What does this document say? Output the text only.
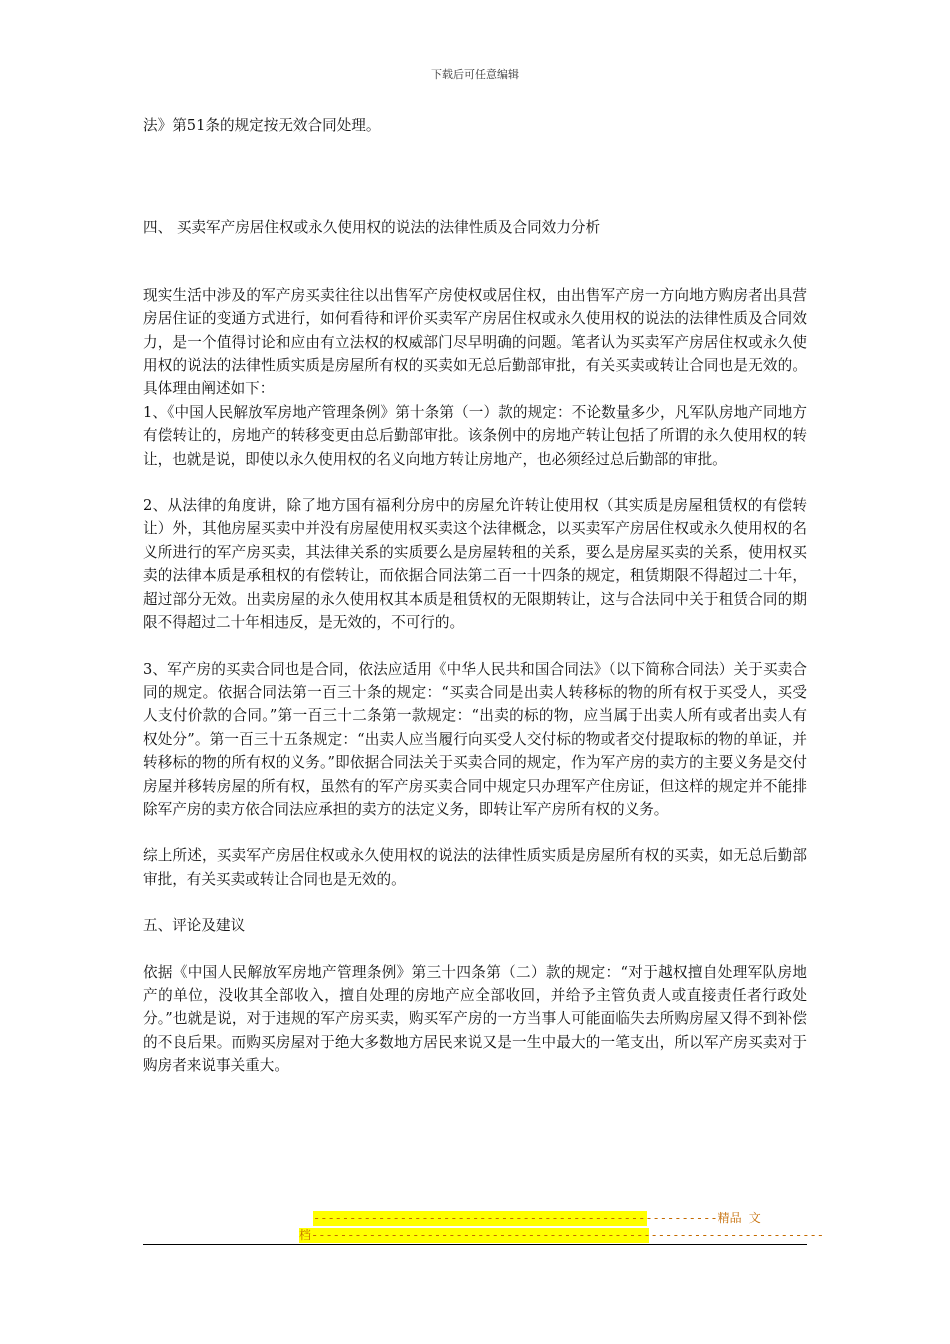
下载后可任意编辑

法》第51条的规定按无效合同处理。

四、 买卖军产房居住权或永久使用权的说法的法律性质及合同效力分析

现实生活中涉及的军产房买卖往往以出售军产房使权或居住权，由出售军产房一方向地方购房者出具营房居住证的变通方式进行，如何看待和评价买卖军产房居住权或永久使用权的说法的法律性质及合同效力，是一个值得讨论和应由有立法权的权威部门尽早明确的问题。笔者认为买卖军产房居住权或永久使用权的说法的法律性质实质是房屋所有权的买卖如无总后勤部审批，有关买卖或转让合同也是无效的。具体理由阐述如下：

1、《中国人民解放军房地产管理条例》第十条第（一）款的规定：不论数量多少，凡军队房地产同地方有偿转让的，房地产的转移变更由总后勤部审批。该条例中的房地产转让包括了所谓的永久使用权的转让，也就是说，即使以永久使用权的名义向地方转让房地产，也必须经过总后勤部的审批。

2、从法律的角度讲，除了地方国有福利分房中的房屋允许转让使用权（其实质是房屋租赁权的有偿转让）外，其他房屋买卖中并没有房屋使用权买卖这个法律概念，以买卖军产房居住权或永久使用权的名义所进行的军产房买卖，其法律关系的实质要么是房屋转租的关系，要么是房屋买卖的关系，使用权买卖的法律本质是承租权的有偿转让，而依据合同法第二百一十四条的规定，租赁期限不得超过二十年，超过部分无效。出卖房屋的永久使用权其本质是租赁权的无限期转让，这与合法同中关于租赁合同的期限不得超过二十年相违反，是无效的，不可行的。

3、军产房的买卖合同也是合同，依法应适用《中华人民共和国合同法》（以下简称合同法）关于买卖合同的规定。依据合同法第一百三十条的规定：“买卖合同是出卖人转移标的物的所有权于买受人，买受人支付价款的合同。”第一百三十二条第一款规定：“出卖的标的物，应当属于出卖人所有或者出卖人有权处分”。第一百三十五条规定：“出卖人应当履行向买受人交付标的物或者交付提取标的物的单证，并转移标的物的所有权的义务。”即依据合同法关于买卖合同的规定，作为军产房的卖方的主要义务是交付房屋并移转房屋的所有权，虽然有的军产房买卖合同中规定只办理军产住房证，但这样的规定并不能排除军产房的卖方依合同法应承担的卖方的法定义务，即转让军产房所有权的义务。

综上所述，买卖军产房居住权或永久使用权的说法的法律性质实质是房屋所有权的买卖，如无总后勤部审批，有关买卖或转让合同也是无效的。

五、评论及建议

依据《中国人民解放军房地产管理条例》第三十四条第（二）款的规定：“对于越权擅自处理军队房地产的单位，没收其全部收入，擅自处理的房地产应全部收回，并给予主管负责人或直接责任者行政处分。”也就是说，对于违规的军产房买卖，购买军产房的一方当事人可能面临失去所购房屋又得不到补偿的不良后果。而购买房屋对于绝大多数地方居民来说又是一生中最大的一笔支出，所以军产房买卖对于购房者来说事关重大。

--------------------------------------------------------精品 文
档-----------------------------------------------------------------------
